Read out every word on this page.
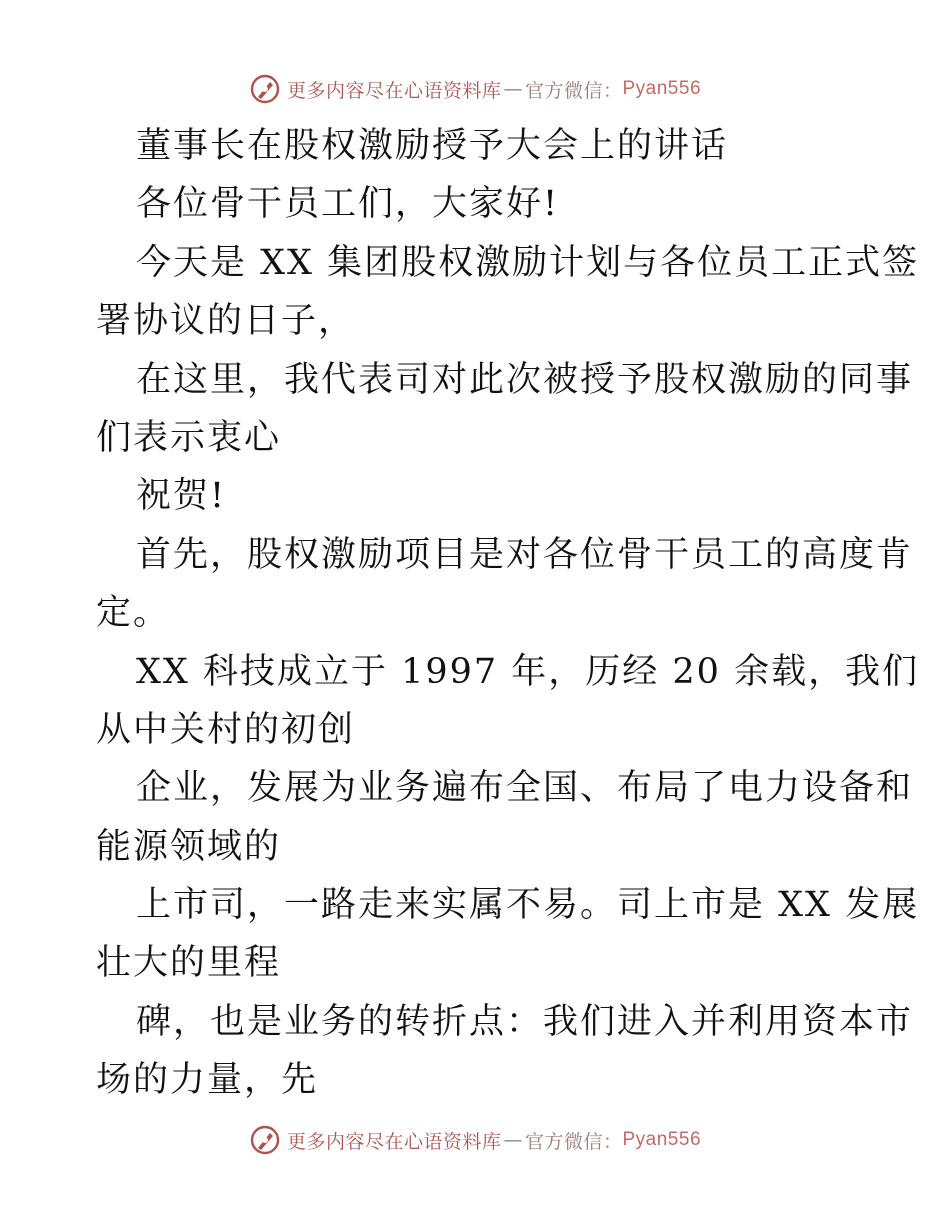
更多内容尽在心语资料库 — 官方微信： Pyan556
董事长在股权激励授予大会上的讲话
各位骨干员工们，大家好!
今天是 XX 集团股权激励计划与各位员工正式签
署协议的日子，
在这里，我代表司对此次被授予股权激励的同事
们表示衷心
祝贺!
首先，股权激励项目是对各位骨干员工的高度肯
定。
XX 科技成立于 1997 年，历经 20 余载，我们
从中关村的初创
企业，发展为业务遍布全国、布局了电力设备和
能源领域的
上市司，一路走来实属不易。司上市是 XX 发展
壮大的里程
碑，也是业务的转折点：我们进入并利用资本市
场的力量，先
更多内容尽在心语资料库 — 官方微信： Pyan556
